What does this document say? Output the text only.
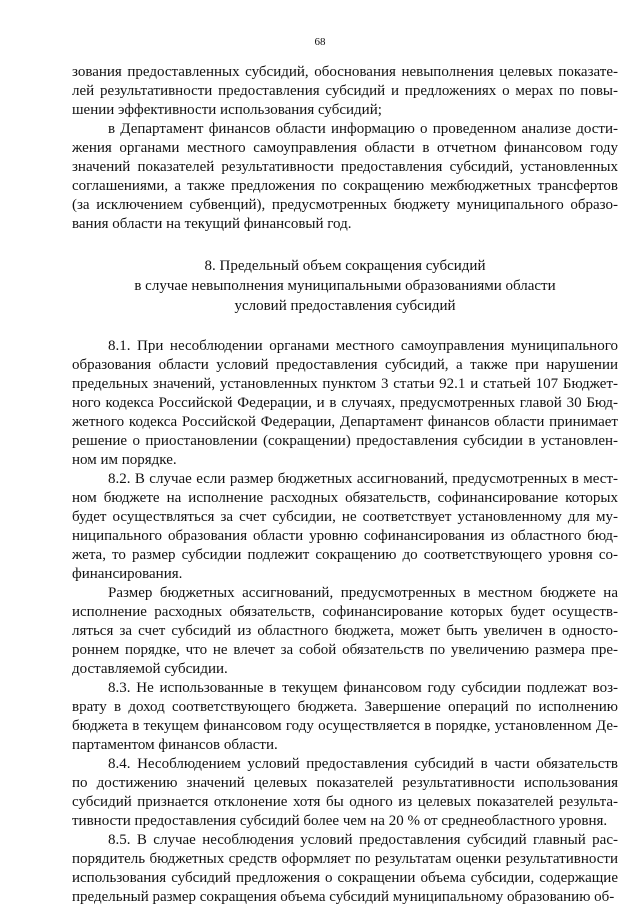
68

зования предоставленных субсидий, обоснования невыполнения целевых показате-
лей результативности предоставления субсидий и предложениях о мерах по повы-
шении эффективности использования субсидий;

в Департамент финансов области информацию о проведенном анализе дости-
жения органами местного самоуправления области в отчетном финансовом году
значений показателей результативности предоставления субсидий, установленных
соглашениями, а также предложения по сокращению межбюджетных трансфертов
(за исключением субвенций), предусмотренных бюджету муниципального образо-
вания области на текущий финансовый год.

8. Предельный объем сокращения субсидий
в случае невыполнения муниципальными образованиями области
условий предоставления субсидий

8.1. При несоблюдении органами местного самоуправления муниципального
образования области условий предоставления субсидий, а также при нарушении
предельных значений, установленных пунктом 3 статьи 92.1 и статьей 107 Бюджет-
ного кодекса Российской Федерации, и в случаях, предусмотренных главой 30 Бюд-
жетного кодекса Российской Федерации, Департамент финансов области принимает
решение о приостановлении (сокращении) предоставления субсидии в установлен-
ном им порядке.

8.2. В случае если размер бюджетных ассигнований, предусмотренных в мест-
ном бюджете на исполнение расходных обязательств, софинансирование которых
будет осуществляться за счет субсидии, не соответствует установленному для му-
ниципального образования области уровню софинансирования из областного бюд-
жета, то размер субсидии подлежит сокращению до соответствующего уровня со-
финансирования.

Размер бюджетных ассигнований, предусмотренных в местном бюджете на
исполнение расходных обязательств, софинансирование которых будет осуществ-
ляться за счет субсидий из областного бюджета, может быть увеличен в односто-
роннем порядке, что не влечет за собой обязательств по увеличению размера пре-
доставляемой субсидии.

8.3. Не использованные в текущем финансовом году субсидии подлежат воз-
врату в доход соответствующего бюджета. Завершение операций по исполнению
бюджета в текущем финансовом году осуществляется в порядке, установленном Де-
партаментом финансов области.

8.4. Несоблюдением условий предоставления субсидий в части обязательств
по достижению значений целевых показателей результативности использования
субсидий признается отклонение хотя бы одного из целевых показателей результа-
тивности предоставления субсидий более чем на 20 % от среднеобластного уровня.

8.5. В случае несоблюдения условий предоставления субсидий главный рас-
порядитель бюджетных средств оформляет по результатам оценки результативности
использования субсидий предложения о сокращении объема субсидии, содержащие
предельный размер сокращения объема субсидий муниципальному образованию об-
